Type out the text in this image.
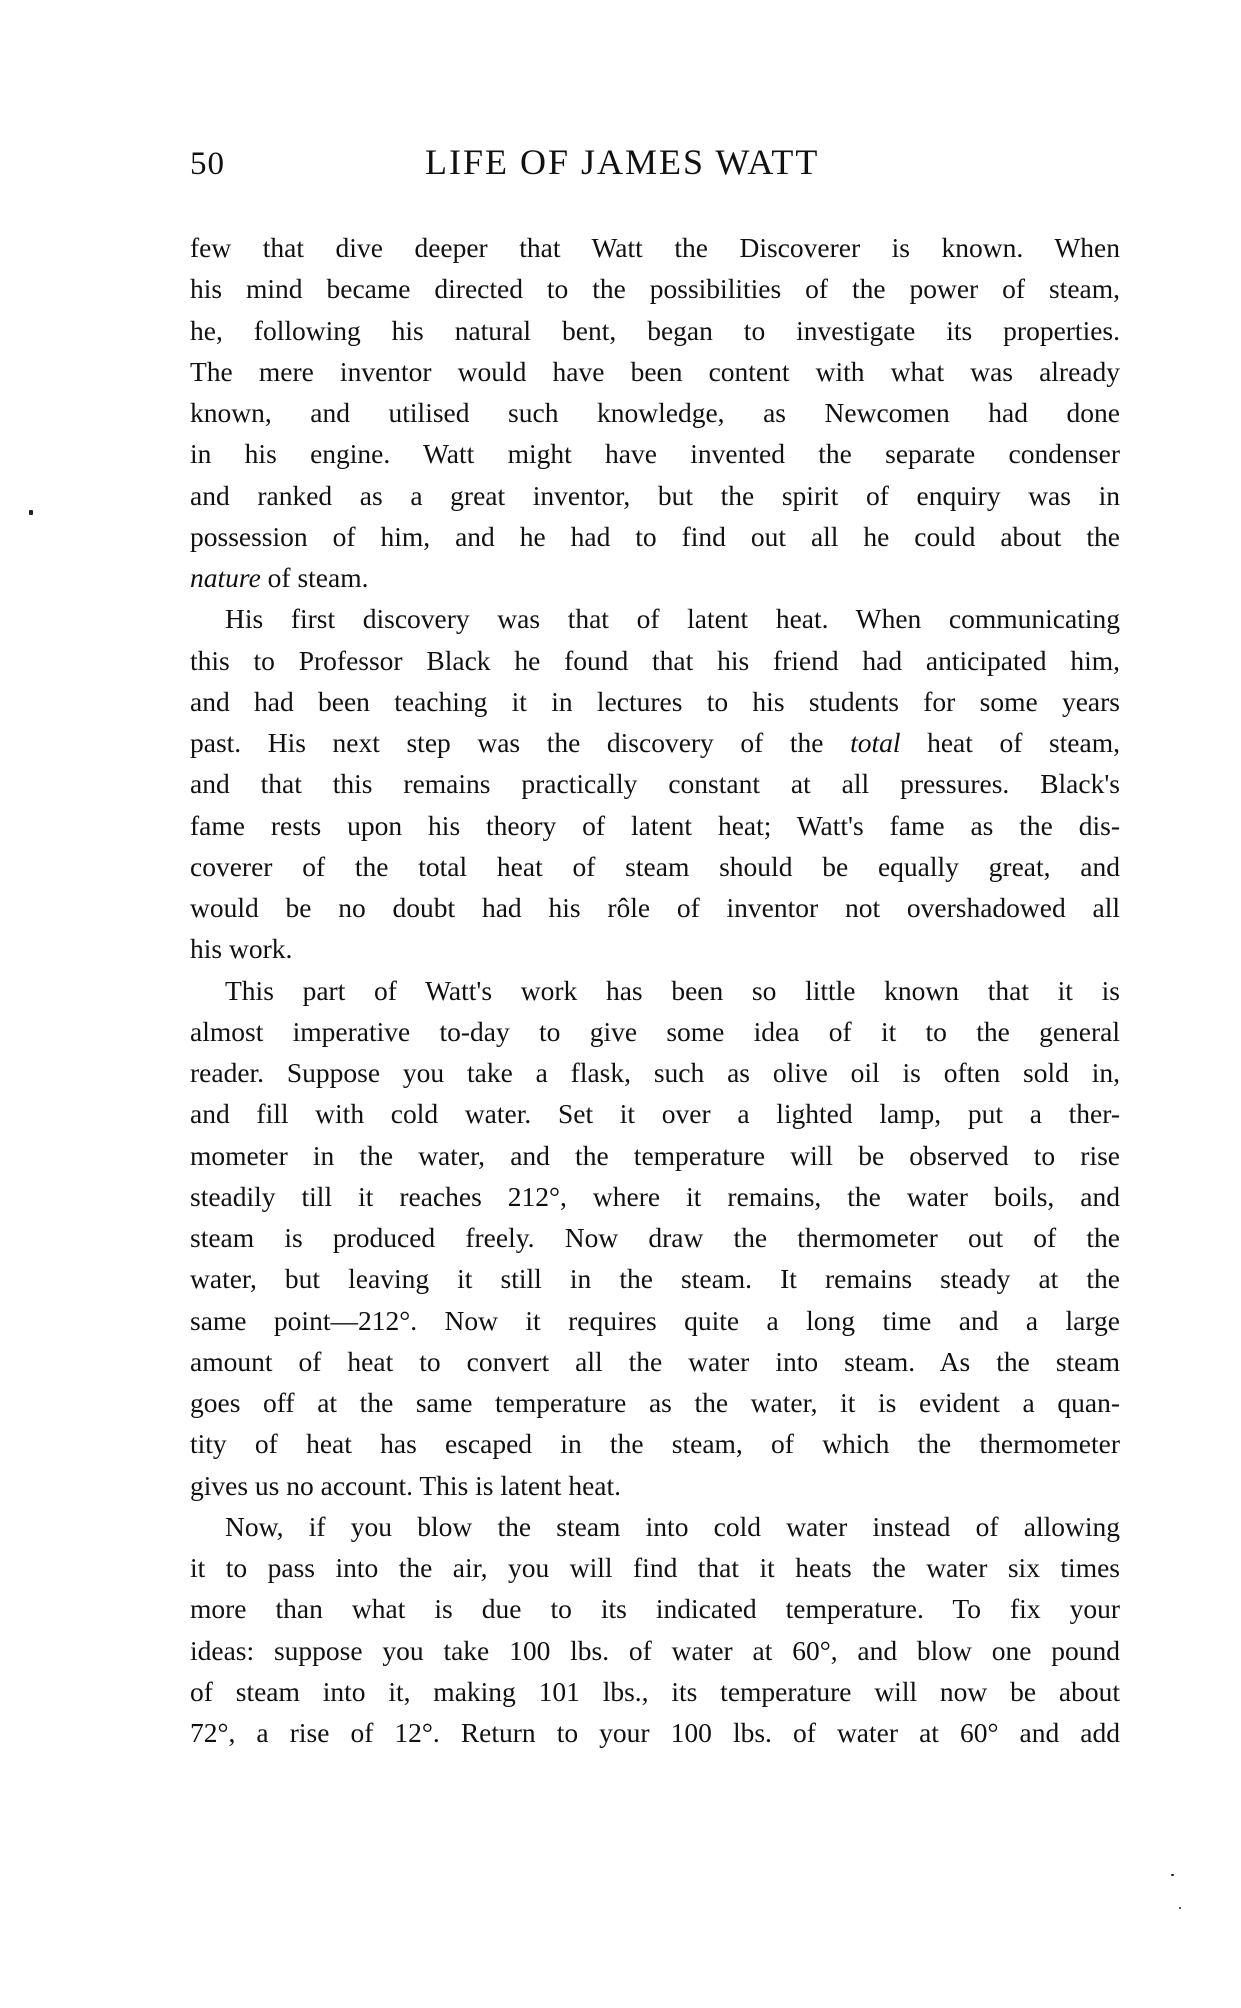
50	LIFE OF JAMES WATT
few that dive deeper that Watt the Discoverer is known. When
his mind became directed to the possibilities of the power of steam,
he, following his natural bent, began to investigate its properties.
The mere inventor would have been content with what was already
known, and utilised such knowledge, as Newcomen had done
in his engine. Watt might have invented the separate condenser
and ranked as a great inventor, but the spirit of enquiry was in
possession of him, and he had to find out all he could about the
nature of steam.
His first discovery was that of latent heat. When communicating
this to Professor Black he found that his friend had anticipated him,
and had been teaching it in lectures to his students for some years
past. His next step was the discovery of the total heat of steam,
and that this remains practically constant at all pressures. Black's
fame rests upon his theory of latent heat; Watt's fame as the dis-
coverer of the total heat of steam should be equally great, and
would be no doubt had his rôle of inventor not overshadowed all
his work.
This part of Watt's work has been so little known that it is
almost imperative to-day to give some idea of it to the general
reader. Suppose you take a flask, such as olive oil is often sold in,
and fill with cold water. Set it over a lighted lamp, put a ther-
mometer in the water, and the temperature will be observed to rise
steadily till it reaches 212°, where it remains, the water boils, and
steam is produced freely. Now draw the thermometer out of the
water, but leaving it still in the steam. It remains steady at the
same point—212°. Now it requires quite a long time and a large
amount of heat to convert all the water into steam. As the steam
goes off at the same temperature as the water, it is evident a quan-
tity of heat has escaped in the steam, of which the thermometer
gives us no account. This is latent heat.
Now, if you blow the steam into cold water instead of allowing
it to pass into the air, you will find that it heats the water six times
more than what is due to its indicated temperature. To fix your
ideas: suppose you take 100 lbs. of water at 60°, and blow one pound
of steam into it, making 101 lbs., its temperature will now be about
72°, a rise of 12°. Return to your 100 lbs. of water at 60° and add
